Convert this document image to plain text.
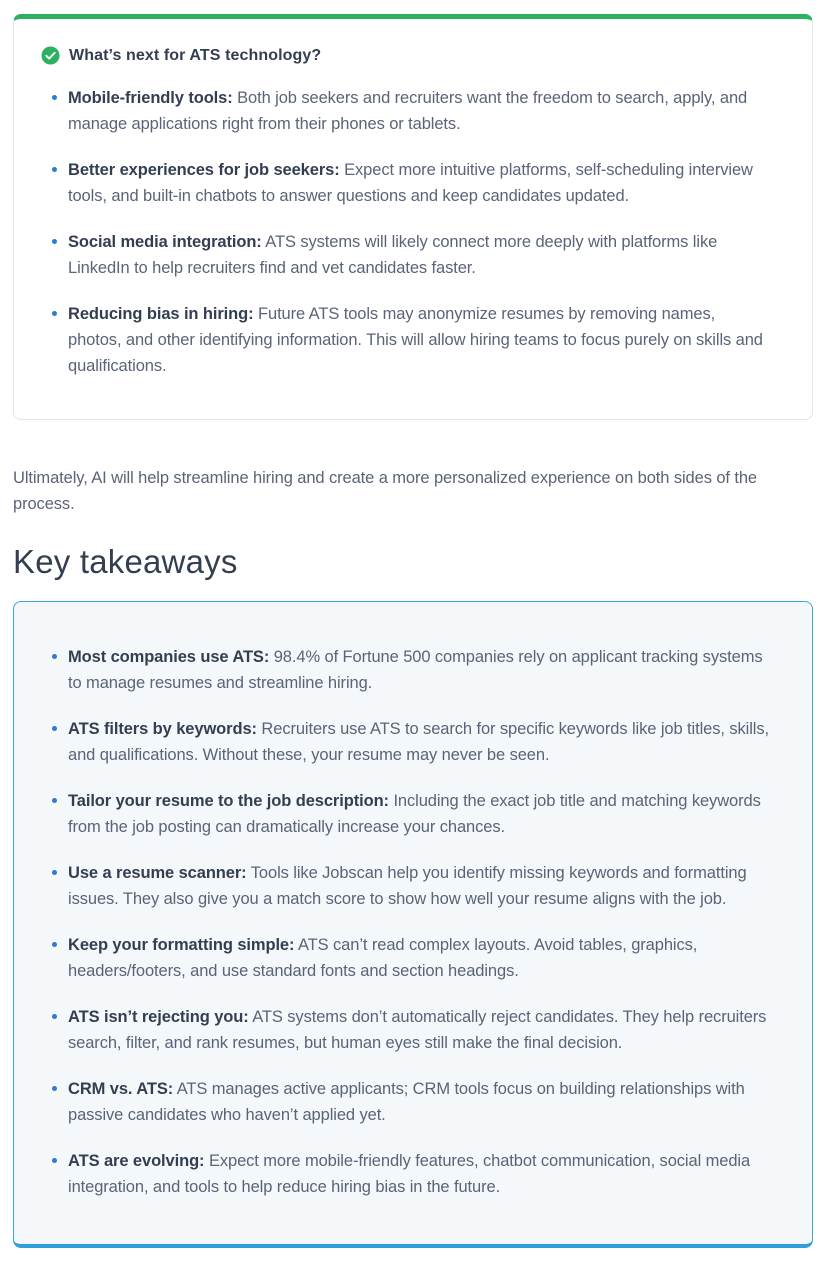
What’s next for ATS technology?
Mobile-friendly tools: Both job seekers and recruiters want the freedom to search, apply, and manage applications right from their phones or tablets.
Better experiences for job seekers: Expect more intuitive platforms, self-scheduling interview tools, and built-in chatbots to answer questions and keep candidates updated.
Social media integration: ATS systems will likely connect more deeply with platforms like LinkedIn to help recruiters find and vet candidates faster.
Reducing bias in hiring: Future ATS tools may anonymize resumes by removing names, photos, and other identifying information. This will allow hiring teams to focus purely on skills and qualifications.

Ultimately, AI will help streamline hiring and create a more personalized experience on both sides of the process.

Key takeaways
Most companies use ATS: 98.4% of Fortune 500 companies rely on applicant tracking systems to manage resumes and streamline hiring.
ATS filters by keywords: Recruiters use ATS to search for specific keywords like job titles, skills, and qualifications. Without these, your resume may never be seen.
Tailor your resume to the job description: Including the exact job title and matching keywords from the job posting can dramatically increase your chances.
Use a resume scanner: Tools like Jobscan help you identify missing keywords and formatting issues. They also give you a match score to show how well your resume aligns with the job.
Keep your formatting simple: ATS can’t read complex layouts. Avoid tables, graphics, headers/footers, and use standard fonts and section headings.
ATS isn’t rejecting you: ATS systems don’t automatically reject candidates. They help recruiters search, filter, and rank resumes, but human eyes still make the final decision.
CRM vs. ATS: ATS manages active applicants; CRM tools focus on building relationships with passive candidates who haven’t applied yet.
ATS are evolving: Expect more mobile-friendly features, chatbot communication, social media integration, and tools to help reduce hiring bias in the future.
